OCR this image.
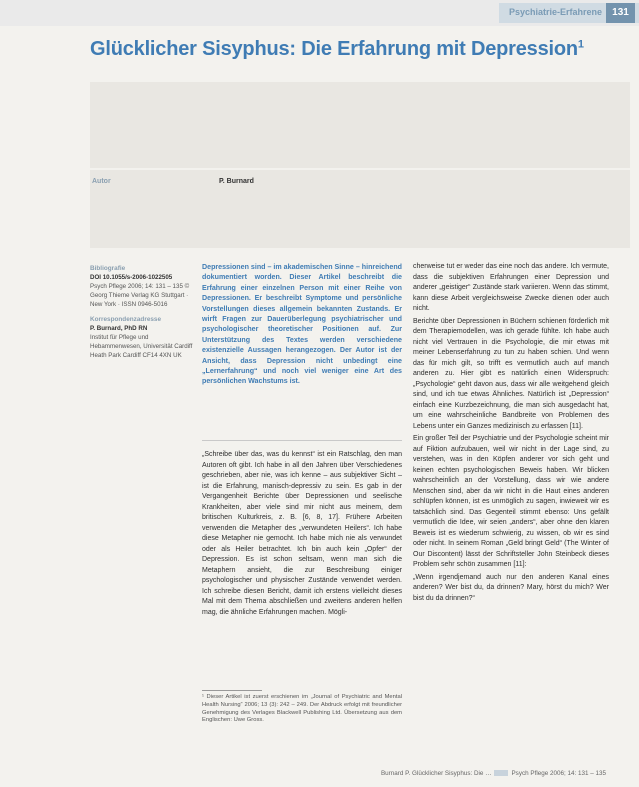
Psychiatrie-Erfahrene	131
Glücklicher Sisyphus: Die Erfahrung mit Depression$^1$
Autor	P. Burnard
Bibliografie
DOI 10.1055/s-2006-1022505
Psych Pflege 2006; 14: 131 – 135 © Georg Thieme Verlag KG Stuttgart · New York · ISSN 0946-5016
Korrespondenzadresse
P. Burnard, PhD RN
Institut für Pflege und Hebammenwesen, Universität Cardiff Heath Park Cardiff CF14 4XN UK
Depressionen sind – im akademischen Sinne – hinreichend dokumentiert worden. Dieser Artikel beschreibt die Erfahrung einer einzelnen Person mit einer Reihe von Depressionen. Er beschreibt Symptome und persönliche Vorstellungen dieses allgemein bekannten Zustands. Er wirft Fragen zur Dauerüberlegung psychiatrischer und psychologischer theoretischer Positionen auf. Zur Unterstützung des Textes werden verschiedene existenzielle Aussagen herangezogen. Der Autor ist der Ansicht, dass Depression nicht unbedingt eine „Lernerfahrung“ und noch viel weniger eine Art des persönlichen Wachstums ist.

„Schreibe über das, was du kennst“ ist ein Ratschlag, den man Autoren oft gibt. Ich habe in all den Jahren über Verschiedenes geschrieben, aber nie, was ich kenne – aus subjektiver Sicht – ist die Erfahrung, manisch-depressiv zu sein. Es gab in der Vergangenheit Berichte über Depressionen und seelische Krankheiten, aber viele sind mir nicht aus meinem, dem britischen Kulturkreis, z. B. [6, 8, 17]. Frühere Arbeiten verwenden die Metapher des „verwundeten Heilers“. Ich habe diese Metapher nie gemocht. Ich habe mich nie als verwundet oder als Heiler betrachtet. Ich bin auch kein „Opfer“ der Depression. Es ist schon seltsam, wenn man sich die Metaphern ansieht, die zur Beschreibung einiger psychologischer und physischer Zustände verwendet werden. Ich schreibe diesen Bericht, damit ich erstens vielleicht dieses Mal mit dem Thema abschließen und zweitens anderen helfen mag, die ähnliche Erfahrungen machen. Mögli-

cherweise tut er weder das eine noch das andere. Ich vermute, dass die subjektiven Erfahrungen einer Depression und anderer „geistiger“ Zustände stark variieren. Wenn das stimmt, kann diese Arbeit vergleichsweise Zwecke dienen oder auch nicht.

Berichte über Depressionen in Büchern schienen förderlich mit dem Therapiemodellen, was ich gerade fühlte. Ich habe auch nicht viel Vertrauen in die Psychologie, die mir etwas mit meiner Lebenserfahrung zu tun zu haben schien. Und wenn das für mich gilt, so trifft es vermutlich auch auf manch anderen zu. Hier gibt es natürlich einen Widerspruch: „Psychologie“ geht davon aus, dass wir alle weitgehend gleich sind, und ich tue etwas Ähnliches. Natürlich ist „Depression“ einfach eine Kurzbezeichnung, die man sich ausgedacht hat, um eine wahrscheinliche Bandbreite von Problemen des Lebens unter ein Ganzes medizinisch zu erfassen [11].

Ein großer Teil der Psychiatrie und der Psychologie scheint mir auf Fiktion aufzubauen, weil wir nicht in der Lage sind, zu verstehen, was in den Köpfen anderer vor sich geht und keinen echten psychologischen Beweis haben. Wir blicken wahrscheinlich an der Vorstellung, dass wir wie andere Menschen sind, aber da wir nicht in die Haut eines anderen schlüpfen können, ist es unmöglich zu sagen, inwieweit wir es tatsächlich sind. Das Gegenteil stimmt ebenso: Uns gefällt vermutlich die Idee, wir seien „anders“, aber ohne den klaren Beweis ist es wiederum schwierig, zu wissen, ob wir es sind oder nicht. In seinem Roman „Geld bringt Geld“ (The Winter of Our Discontent) lässt der Schriftsteller John Steinbeck dieses Problem sehr schön zusammen [11]:

„Wenn irgendjemand auch nur den anderen Kanal eines anderen? Wer bist du, da drinnen? Mary, hörst du mich? Wer bist du da drinnen?“

¹ Dieser Artikel ist zuerst erschienen im „Journal of Psychiatric and Mental Health Nursing“ 2006; 13 (3): 242 – 249. Der Abdruck erfolgt mit freundlicher Genehmigung des Verlages Blackwell Publishing Ltd. Übersetzung aus dem Englischen: Uwe Gross.
Burnard P. Glücklicher Sisyphus: Die …	Psych Pflege 2006; 14: 131 – 135
